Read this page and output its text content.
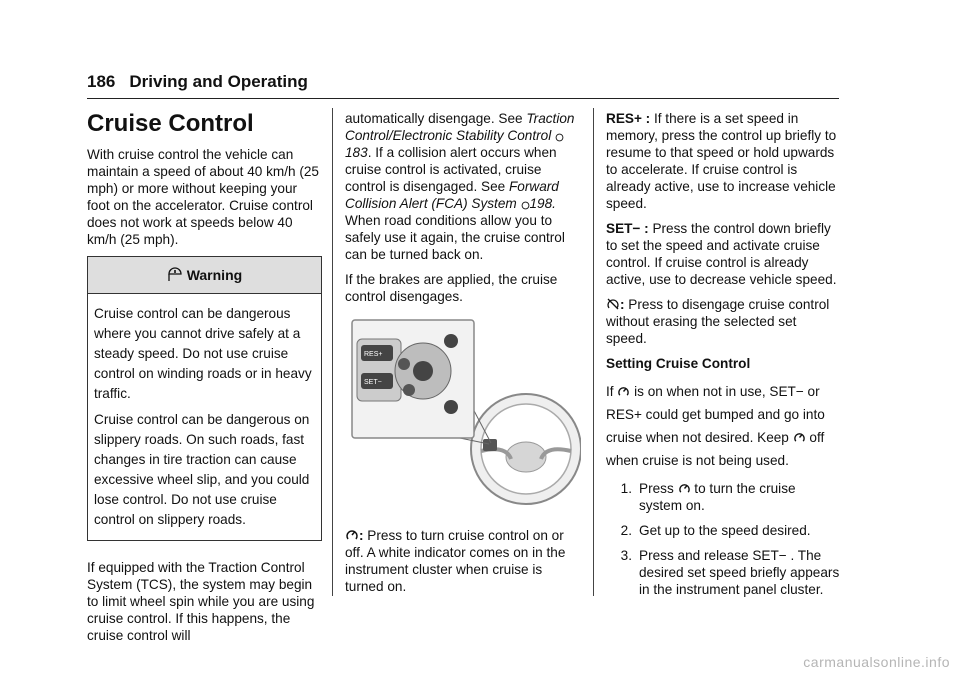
186 Driving and Operating
Cruise Control

With cruise control the vehicle can maintain a speed of about 40 km/h (25 mph) or more without keeping your foot on the accelerator. Cruise control does not work at speeds below 40 km/h (25 mph).

Warning

Cruise control can be dangerous where you cannot drive safely at a steady speed. Do not use cruise control on winding roads or in heavy traffic.

Cruise control can be dangerous on slippery roads. On such roads, fast changes in tire traction can cause excessive wheel slip, and you could lose control. Do not use cruise control on slippery roads.

If equipped with the Traction Control System (TCS), the system may begin to limit wheel spin while you are using cruise control. If this happens, the cruise control will

automatically disengage. See Traction Control/Electronic Stability Control 183. If a collision alert occurs when cruise control is activated, cruise control is disengaged. See Forward Collision Alert (FCA) System 198. When road conditions allow you to safely use it again, the cruise control can be turned back on.

If the brakes are applied, the cruise control disengages.

RES+
SET−

: Press to turn cruise control on or off. A white indicator comes on in the instrument cluster when cruise is turned on.

RES+ : If there is a set speed in memory, press the control up briefly to resume to that speed or hold upwards to accelerate. If cruise control is already active, use to increase vehicle speed.

SET− : Press the control down briefly to set the speed and activate cruise control. If cruise control is already active, use to decrease vehicle speed.

: Press to disengage cruise control without erasing the selected set speed.

Setting Cruise Control

If  is on when not in use, SET− or RES+ could get bumped and go into cruise when not desired. Keep  off when cruise is not being used.

1. Press  to turn the cruise system on.
2. Get up to the speed desired.
3. Press and release SET− . The desired set speed briefly appears in the instrument panel cluster.
carmanualsonline.info
